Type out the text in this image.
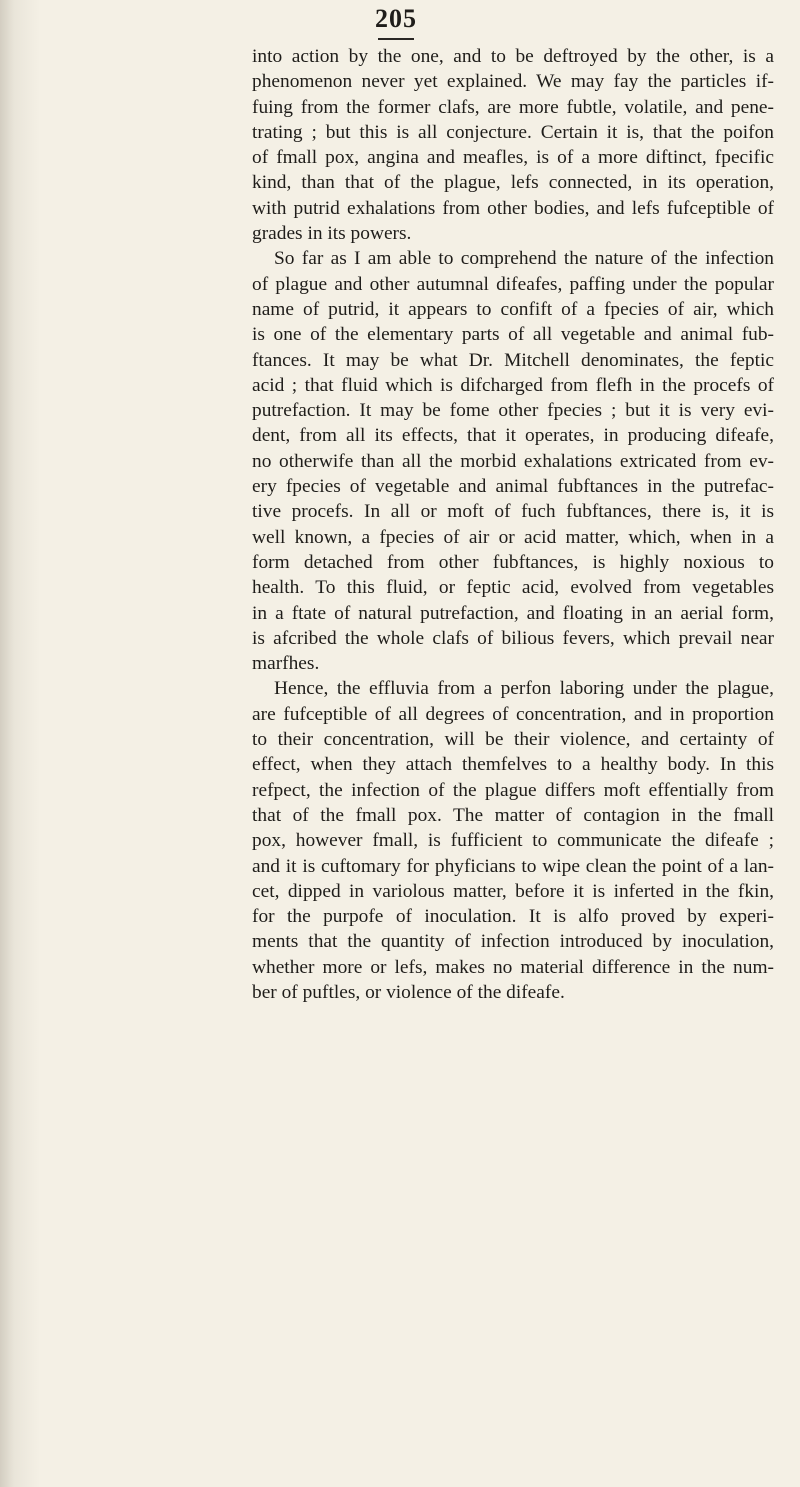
205
into action by the one, and to be deftroyed by the other, is a
phenomenon never yet explained. We may fay the particles if-
fuing from the former clafs, are more fubtle, volatile, and pene-
trating ; but this is all conjecture. Certain it is, that the poifon
of fmall pox, angina and meafles, is of a more diftinct, fpecific
kind, than that of the plague, lefs connected, in its operation,
with putrid exhalations from other bodies, and lefs fufceptible of
grades in its powers.
So far as I am able to comprehend the nature of the infection
of plague and other autumnal difeafes, paffing under the popular
name of putrid, it appears to confift of a fpecies of air, which
is one of the elementary parts of all vegetable and animal fub-
ftances. It may be what Dr. Mitchell denominates, the feptic
acid ; that fluid which is difcharged from flefh in the procefs of
putrefaction. It may be fome other fpecies ; but it is very evi-
dent, from all its effects, that it operates, in producing difeafe,
no otherwife than all the morbid exhalations extricated from ev-
ery fpecies of vegetable and animal fubftances in the putrefac-
tive procefs. In all or moft of fuch fubftances, there is, it is
well known, a fpecies of air or acid matter, which, when in a
form detached from other fubftances, is highly noxious to
health. To this fluid, or feptic acid, evolved from vegetables
in a ftate of natural putrefaction, and floating in an aerial form,
is afcribed the whole clafs of bilious fevers, which prevail near
marfhes.
Hence, the effluvia from a perfon laboring under the plague,
are fufceptible of all degrees of concentration, and in proportion
to their concentration, will be their violence, and certainty of
effect, when they attach themfelves to a healthy body. In this
refpect, the infection of the plague differs moft effentially from
that of the fmall pox. The matter of contagion in the fmall
pox, however fmall, is fufficient to communicate the difeafe ;
and it is cuftomary for phyficians to wipe clean the point of a lan-
cet, dipped in variolous matter, before it is inferted in the fkin,
for the purpofe of inoculation. It is alfo proved by experi-
ments that the quantity of infection introduced by inoculation,
whether more or lefs, makes no material difference in the num-
ber of puftles, or violence of the difeafe.
